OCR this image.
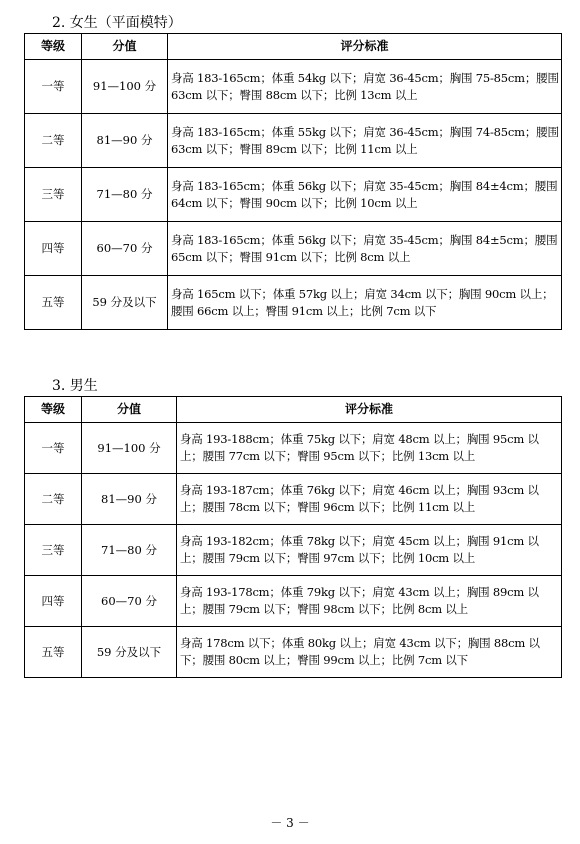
2. 女生（平面模特）
等级	分值	评分标准
一等	91—100 分	身高 183-165cm；体重 54kg 以下；肩宽 36-45cm；胸围 75-85cm；腰围 63cm 以下；臀围 88cm 以下；比例 13cm 以上
二等	81—90 分	身高 183-165cm；体重 55kg 以下；肩宽 36-45cm；胸围 74-85cm；腰围 63cm 以下；臀围 89cm 以下；比例 11cm 以上
三等	71—80 分	身高 183-165cm；体重 56kg 以下；肩宽 35-45cm；胸围 84±4cm；腰围 64cm 以下；臀围 90cm 以下；比例 10cm 以上
四等	60—70 分	身高 183-165cm；体重 56kg 以下；肩宽 35-45cm；胸围 84±5cm；腰围 65cm 以下；臀围 91cm 以下；比例 8cm 以上
五等	59 分及以下	身高 165cm 以下；体重 57kg 以上；肩宽 34cm 以下；胸围 90cm 以上； 腰围 66cm 以上；臀围 91cm 以上；比例 7cm 以下
3. 男生
等级	分值	评分标准
一等	91—100 分	身高 193-188cm；体重 75kg 以下；肩宽 48cm 以上；胸围 95cm 以上；腰围 77cm 以下；臀围 95cm 以下；比例 13cm 以上
二等	81—90 分	身高 193-187cm；体重 76kg 以下；肩宽 46cm 以上；胸围 93cm 以上；腰围 78cm 以下；臀围 96cm 以下；比例 11cm 以上
三等	71—80 分	身高 193-182cm；体重 78kg 以下；肩宽 45cm 以上；胸围 91cm 以上；腰围 79cm 以下；臀围 97cm 以下；比例 10cm 以上
四等	60—70 分	身高 193-178cm；体重 79kg 以下；肩宽 43cm 以上；胸围 89cm 以上；腰围 79cm 以下；臀围 98cm 以下；比例 8cm 以上
五等	59 分及以下	身高 178cm 以下；体重 80kg 以上；肩宽 43cm 以下；胸围 88cm 以下；腰围 80cm 以上；臀围 99cm 以上；比例 7cm 以下
－ 3 －
